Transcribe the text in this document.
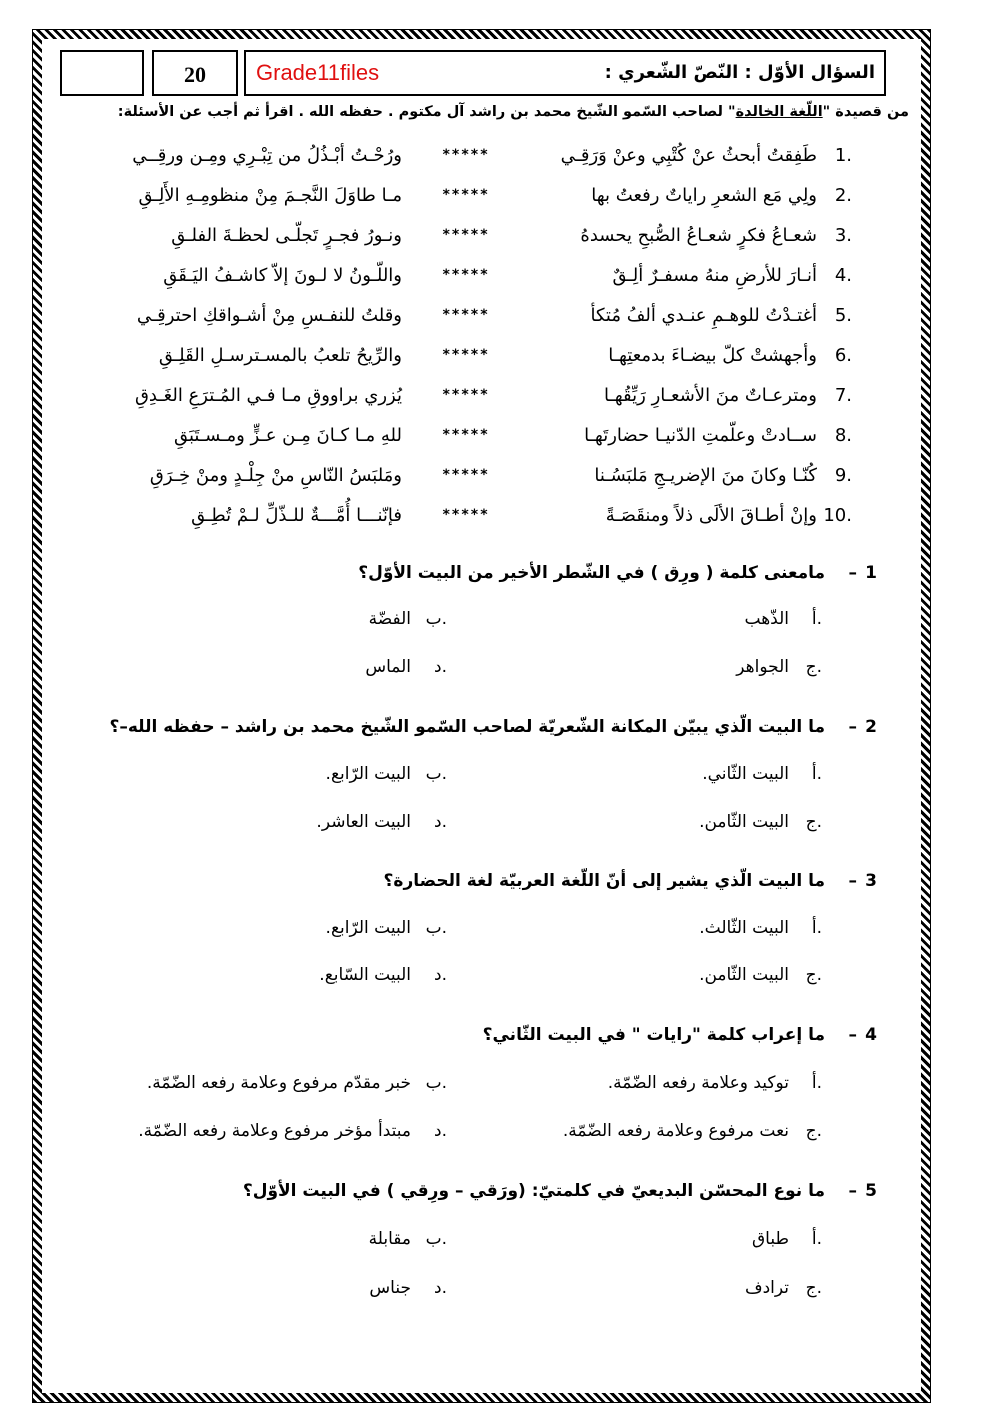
20	Grade11files	السؤال الأوّل : النّصّ الشّعري :
من قصيدة "اللّغة الخالدة" لصاحب السّمو الشّيخ محمد بن راشد آل مكتوم . حفظه الله . اقرأ ثم أجب عن الأسئلة:
1.
طَفِقتُ أبحثُ عنْ كُتْبِي وعنْ وَرَقِـي
*****
ورُحْـتُ أبْـذُلُ من تِبْـرِي ومِـن ورقِــي
2.
ولِي مَع الشعرِ راياتٌ رفعتُ بها
*****
مـا طاوَلَ النَّجـمَ مِنْ منظومِـهِ الأَلِـقِ
3.
شعـاعُ فكرٍ شعـاعُ الصُّبحِ يحسدهُ
*****
ونـورُ فجـرٍ تَجلّـى لحظـةَ الفلـقِ
4.
أنـارَ للأرضِ منهُ مسفـرٌ ألِـقٌ
*****
واللّـونُ لا لـونَ إلاّ كاشـفُ اليَـقَقِ
5.
أغتـدْتُ للوهـمِ عنـدي ألفُ مُتكأ
*****
وقلتُ للنفـسِ مِنْ أشـواقكِ احترقِـي
6.
وأجهشتْ كلّ بيضـاءَ بدمعتِهـا
*****
والرِّيحُ تلعبُ بالمسـترسـلِ القَلِـقِ
7.
ومترعـاتٌ منَ الأشعـارِ رَيِّقُهـا
*****
يُزري براووقِ مـا فـي المُـترَعِ الغَـدِقِ
8.
ســادتْ وعلّمتِ الدّنيـا حضارتَهـا
*****
للهِ مـا كـانَ مِـن عـزٍّ ومـسـتَبَقِ
9.
كُنّـا وكانَ منَ الإضريـجِ مَلبَسُـنا
*****
ومَلبَسُ النّاسِ منْ جِلْـدٍ ومنْ خِـرَقِ
10.
وإنْ أطـاقَ الألَى ذلاً ومنقَصَـةً
*****
فإنّنـــا أُمَّـــةٌ للـذّلِّ لـمْ تُطِـقِ
1
–
مامعنى كلمة ( ورِق ) في الشّطر الأخير من البيت الأوّل؟
أ.
الذّهب
ب.
الفضّة
ج.
الجواهر
د.
الماس
2
–
ما البيت الّذي يبيّن المكانة الشّعريّة لصاحب السّمو الشّيخ محمد بن راشد – حفظه الله–؟
أ.
البيت الثّاني.
ب.
البيت الرّابع.
ج.
البيت الثّامن.
د.
البيت العاشر.
3
–
ما البيت الّذي يشير إلى أنّ اللّغة العربيّة لغة الحضارة؟
أ.
البيت الثّالث.
ب.
البيت الرّابع.
ج.
البيت الثّامن.
د.
البيت السّابع.
4
–
ما إعراب كلمة "رايات " في البيت الثّاني؟
أ.
توكيد وعلامة رفعه الضّمّة.
ب.
خبر مقدّم مرفوع وعلامة رفعه الضّمّة.
ج.
نعت مرفوع وعلامة رفعه الضّمّة.
د.
مبتدأ مؤخر مرفوع وعلامة رفعه الضّمّة.
5
–
ما نوع المحسّن البديعيّ في كلمتيّ: (ورَقي – ورِقي ) في البيت الأوّل؟
أ.
طباق
ب.
مقابلة
ج.
ترادف
د.
جناس
